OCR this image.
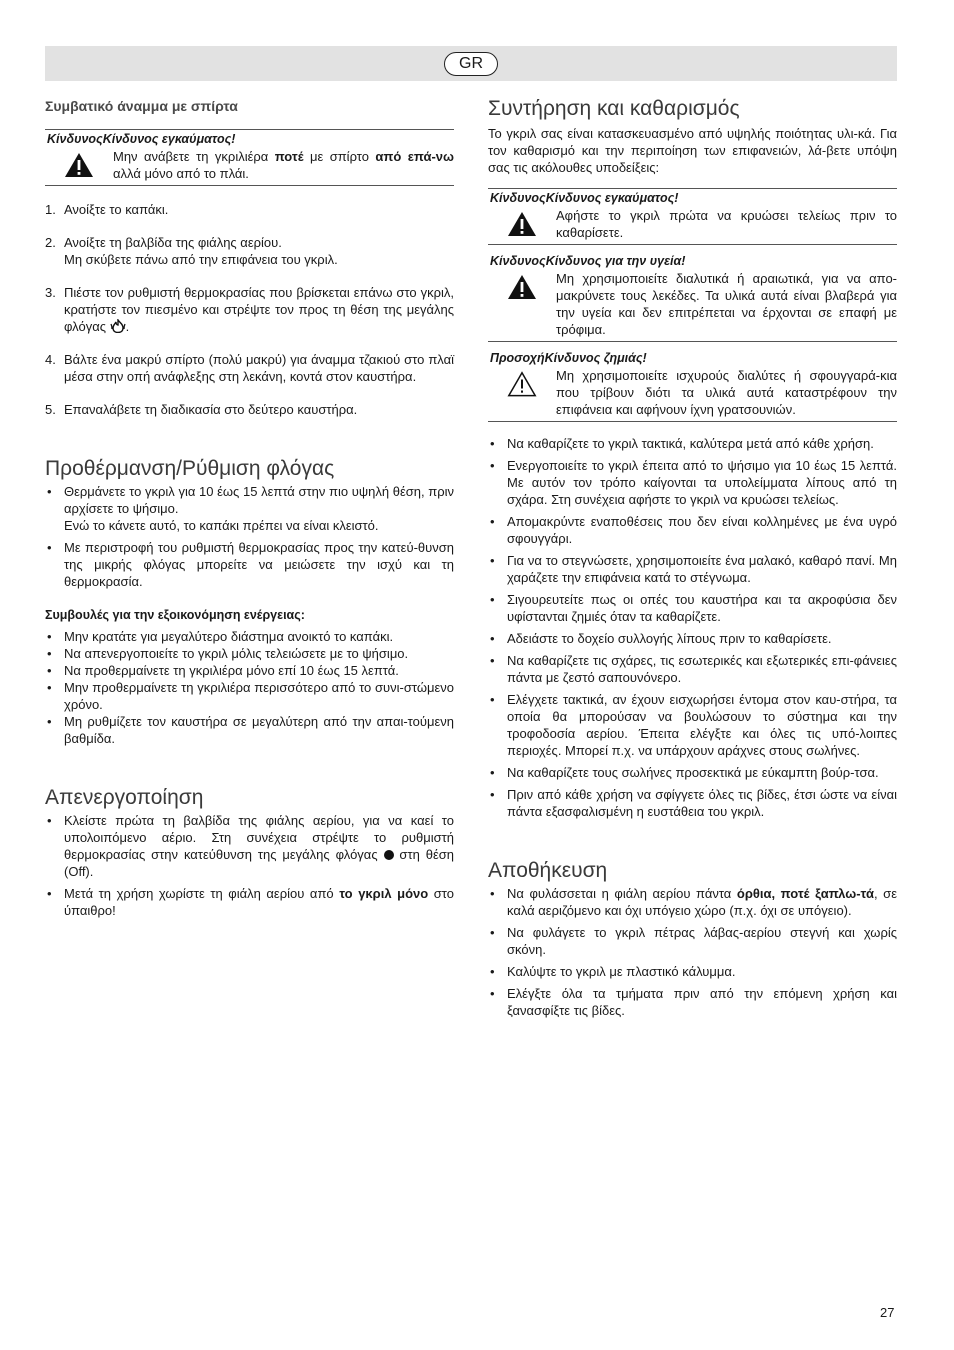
GR

Συμβατικό άναμμα με σπίρτα

ΚίνδυνοςΚίνδυνος εγκαύματος!
Μην ανάβετε τη γκριλιέρα ποτέ με σπίρτο από επά-νω αλλά μόνο από το πλάι.
1. Ανοίξτε το καπάκι.
2. Ανοίξτε τη βαλβίδα της φιάλης αερίου.
Μη σκύβετε πάνω από την επιφάνεια του γκριλ.
3. Πιέστε τον ρυθμιστή θερμοκρασίας που βρίσκεται επάνω στο γκριλ, κρατήστε τον πιεσμένο και στρέψτε τον προς τη θέση της μεγάλης φλόγας .
4. Βάλτε ένα μακρύ σπίρτο (πολύ μακρύ) για άναμμα τζακιού στο πλαϊ μέσα στην οπή ανάφλεξης στη λεκάνη, κοντά στον καυστήρα.
5. Επαναλάβετε τη διαδικασία στο δεύτερο καυστήρα.
Προθέρμανση/Ρύθμιση φλόγας
• Θερμάνετε το γκριλ για 10 έως 15 λεπτά στην πιο υψηλή θέση, πριν αρχίσετε το ψήσιμο.
Ενώ το κάνετε αυτό, το καπάκι πρέπει να είναι κλειστό.
• Με περιστροφή του ρυθμιστή θερμοκρασίας προς την κατεύ-θυνση της μικρής φλόγας μπορείτε να μειώσετε την ισχύ και τη θερμοκρασία.

Συμβουλές για την εξοικονόμηση ενέργειας:

• Μην κρατάτε για μεγαλύτερο διάστημα ανοικτό το καπάκι.
• Να απενεργοποιείτε το γκριλ μόλις τελειώσετε με το ψήσιμο.
• Να προθερμαίνετε τη γκριλιέρα μόνο επί 10 έως 15 λεπτά.
• Μην προθερμαίνετε τη γκριλιέρα περισσότερο από το συνι-στώμενο χρόνο.
• Μη ρυθμίζετε τον καυστήρα σε μεγαλύτερη από την απαι-τούμενη βαθμίδα.
Απενεργοποίηση
• Κλείστε πρώτα τη βαλβίδα της φιάλης αερίου, για να καεί το υπολοιπόμενο αέριο. Στη συνέχεια στρέψτε το ρυθμιστή θερμοκρασίας στην κατεύθυνση της μεγάλης φλόγας  στη θέση (Off).
• Μετά τη χρήση χωρίστε τη φιάλη αερίου από το γκριλ μόνο στο ύπαιθρο!
Συντήρηση και καθαρισμός

Το γκριλ σας είναι κατασκευασμένο από υψηλής ποιότητας υλι-κά. Για τον καθαρισμό και την περιποίηση των επιφανειών, λά-βετε υπόψη σας τις ακόλουθες υποδείξεις:

ΚίνδυνοςΚίνδυνος εγκαύματος!
Αφήστε το γκριλ πρώτα να κρυώσει τελείως πριν το καθαρίσετε.
ΚίνδυνοςΚίνδυνος για την υγεία!
Μη χρησιμοποιείτε διαλυτικά ή αραιωτικά, για να απο-μακρύνετε τους λεκέδες. Τα υλικά αυτά είναι βλαβερά για την υγεία και δεν επιτρέπεται να έρχονται σε επαφή με τρόφιμα.
ΠροσοχήΚίνδυνος ζημιάς!
Μη χρησιμοποιείτε ισχυρούς διαλύτες ή σφουγγαρά-κια που τρίβουν διότι τα υλικά αυτά καταστρέφουν την επιφάνεια και αφήνουν ίχνη γρατσουνιών.
• Να καθαρίζετε το γκριλ τακτικά, καλύτερα μετά από κάθε χρήση.
• Ενεργοποιείτε το γκριλ έπειτα από το ψήσιμο για 10 έως 15 λεπτά. Με αυτόν τον τρόπο καίγονται τα υπολείμματα λίπους από τη σχάρα. Στη συνέχεια αφήστε το γκριλ να κρυώσει τελείως.
• Απομακρύντε εναποθέσεις που δεν είναι κολλημένες με ένα υγρό σφουγγάρι.
• Για να το στεγνώσετε, χρησιμοποιείτε ένα μαλακό, καθαρό πανί. Μη χαράζετε την επιφάνεια κατά το στέγνωμα.
• Σιγουρευτείτε πως οι οπές του καυστήρα και τα ακροφύσια δεν υφίστανται ζημιές όταν τα καθαρίζετε.
• Αδειάστε το δοχείο συλλογής λίπους πριν το καθαρίσετε.
• Να καθαρίζετε τις σχάρες, τις εσωτερικές και εξωτερικές επι-φάνειες πάντα με ζεστό σαπουνόνερο.
• Ελέγχετε τακτικά, αν έχουν εισχωρήσει έντομα στον καυ-στήρα, τα οποία θα μπορούσαν να βουλώσουν το σύστημα και την τροφοδοσία αερίου. Έπειτα ελέγξτε και όλες τις υπό-λοιπες περιοχές. Μπορεί π.χ. να υπάρχουν αράχνες στους σωλήνες.
• Να καθαρίζετε τους σωλήνες προσεκτικά με εύκαμπτη βούρ-τσα.
• Πριν από κάθε χρήση να σφίγγετε όλες τις βίδες, έτσι ώστε να είναι πάντα εξασφαλισμένη η ευστάθεια του γκριλ.
Αποθήκευση
• Να φυλάσσεται η φιάλη αερίου πάντα όρθια, ποτέ ξαπλω-τά, σε καλά αεριζόμενο και όχι υπόγειο χώρο (π.χ. όχι σε υπόγειο).
• Να φυλάγετε το γκριλ πέτρας λάβας-αερίου στεγνή και χωρίς σκόνη.
• Καλύψτε το γκριλ με πλαστικό κάλυμμα.
• Ελέγξτε όλα τα τμήματα πριν από την επόμενη χρήση και ξανασφίξτε τις βίδες.
27
